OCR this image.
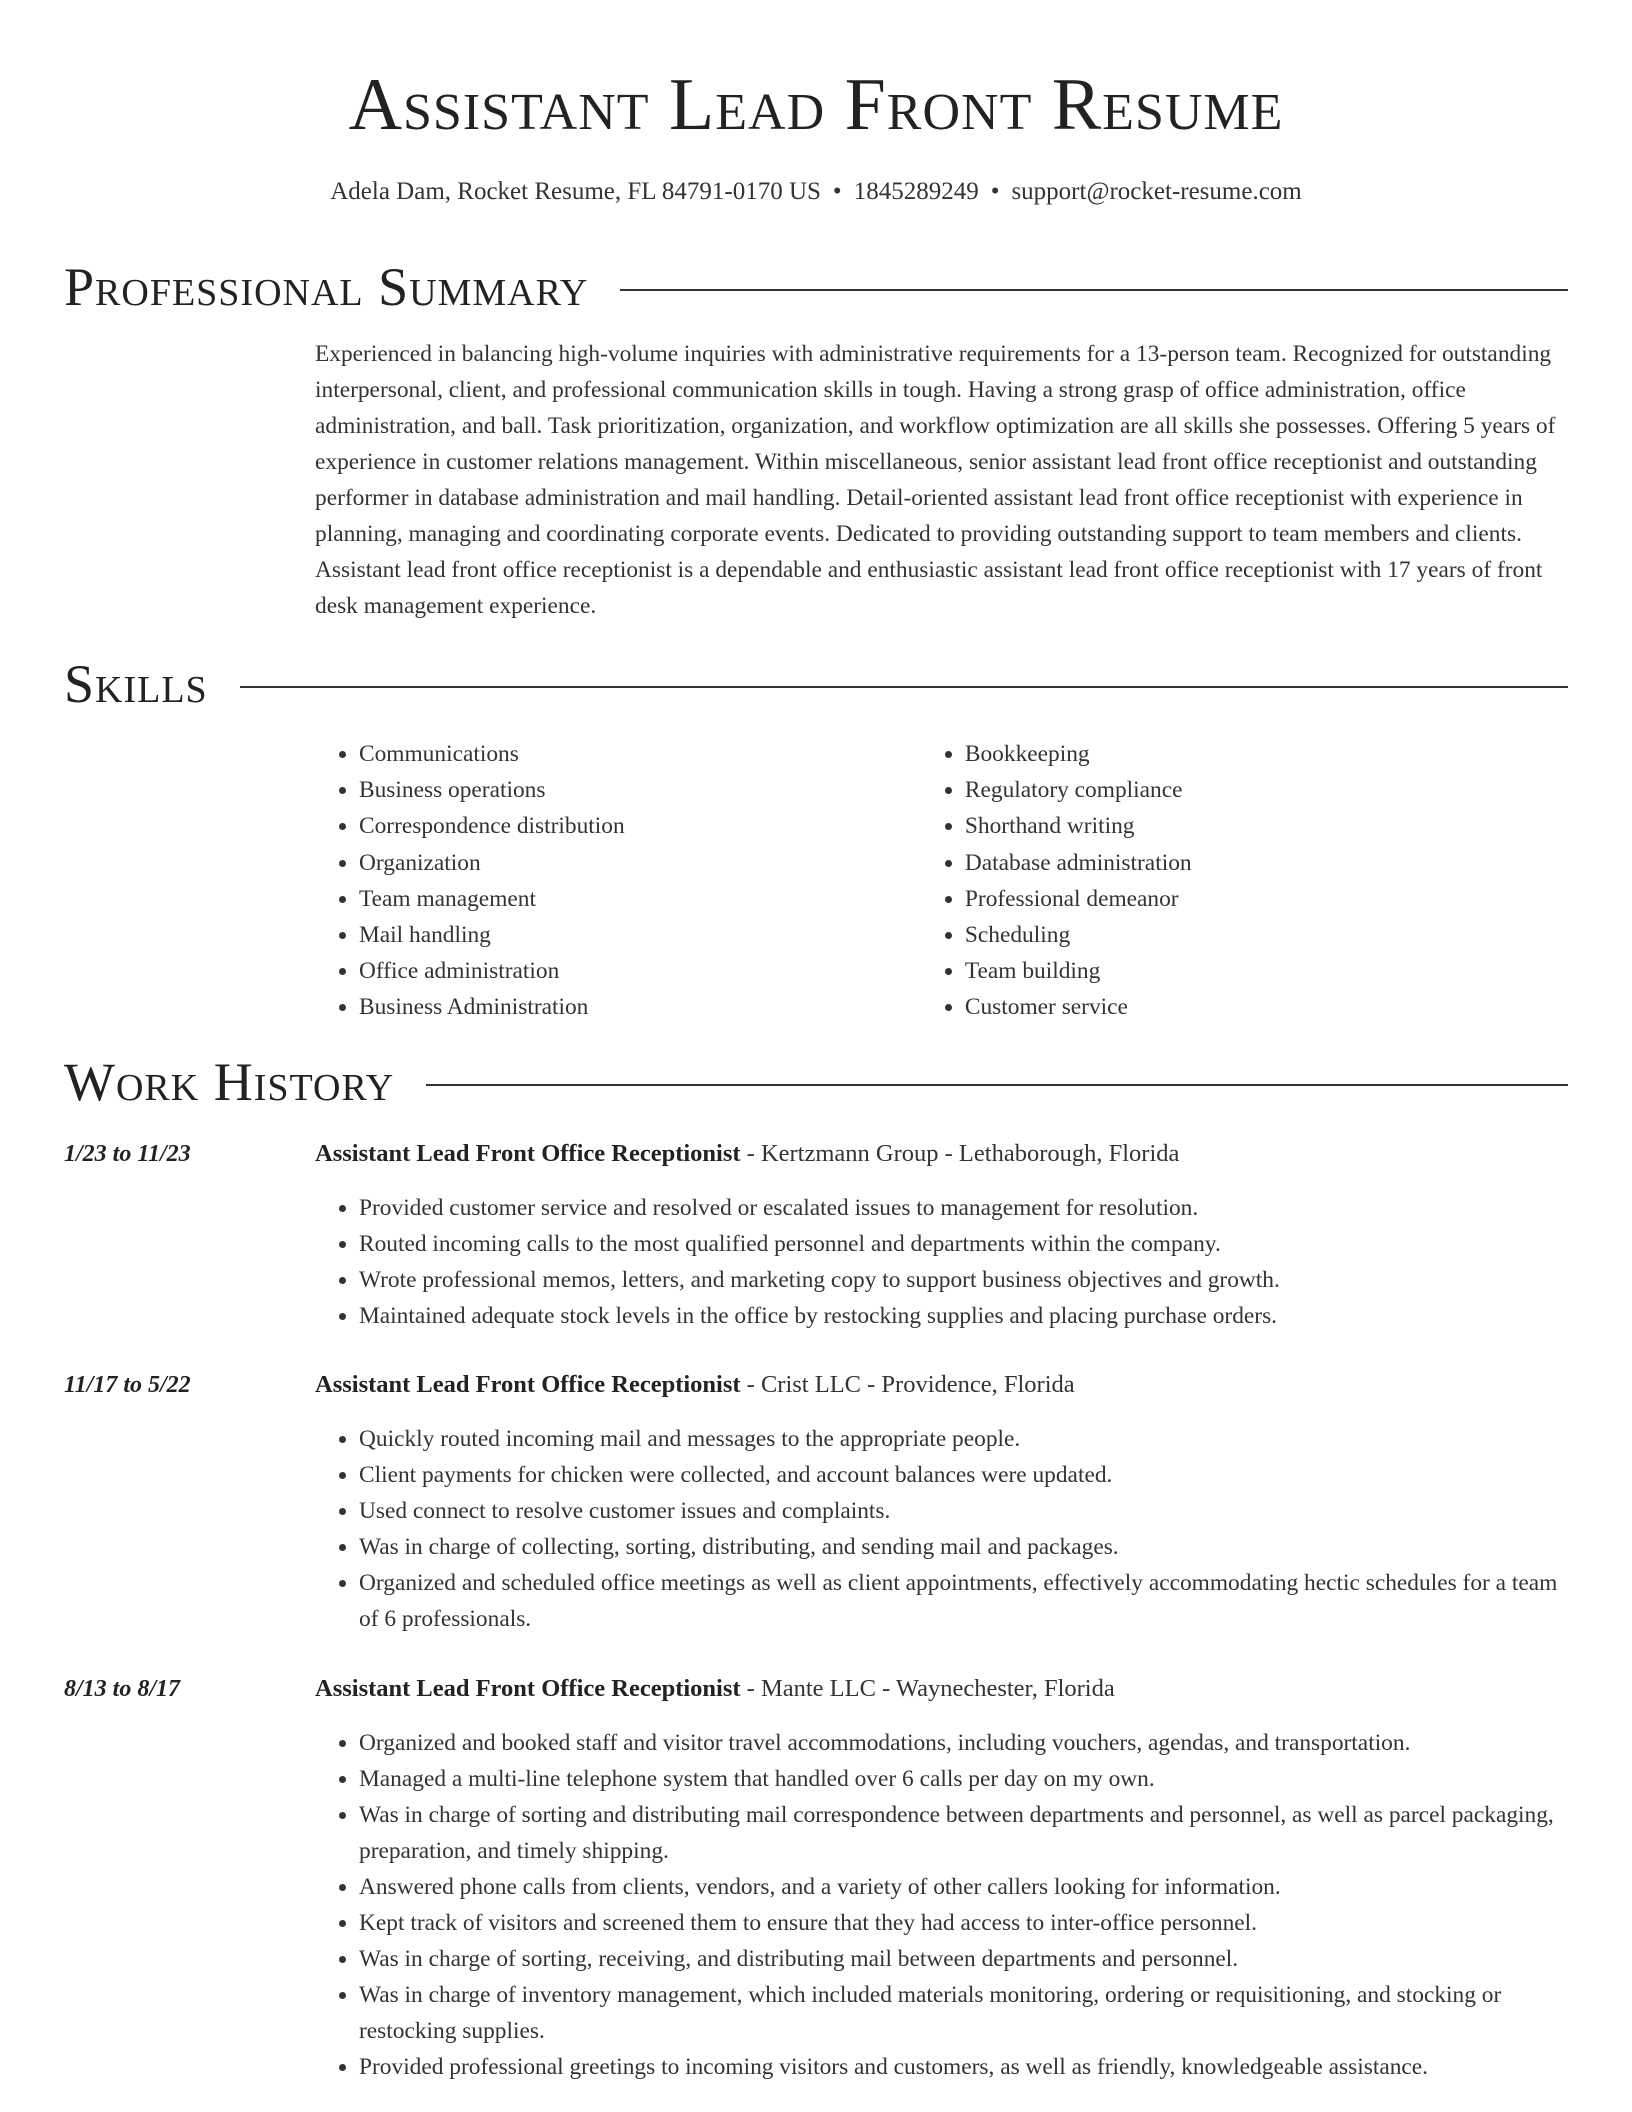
Assistant Lead Front Resume
Adela Dam, Rocket Resume, FL 84791-0170 US • 1845289249 • support@rocket-resume.com
Professional Summary

Experienced in balancing high-volume inquiries with administrative requirements for a 13-person team. Recognized for outstanding interpersonal, client, and professional communication skills in tough. Having a strong grasp of office administration, office administration, and ball. Task prioritization, organization, and workflow optimization are all skills she possesses. Offering 5 years of experience in customer relations management. Within miscellaneous, senior assistant lead front office receptionist and outstanding performer in database administration and mail handling. Detail-oriented assistant lead front office receptionist with experience in planning, managing and coordinating corporate events. Dedicated to providing outstanding support to team members and clients. Assistant lead front office receptionist is a dependable and enthusiastic assistant lead front office receptionist with 17 years of front desk management experience.

Skills
• Communications
• Business operations
• Correspondence distribution
• Organization
• Team management
• Mail handling
• Office administration
• Business Administration
• Bookkeeping
• Regulatory compliance
• Shorthand writing
• Database administration
• Professional demeanor
• Scheduling
• Team building
• Customer service
Work History
1/23 to 11/23	Assistant Lead Front Office Receptionist - Kertzmann Group - Lethaborough, Florida
• Provided customer service and resolved or escalated issues to management for resolution.
• Routed incoming calls to the most qualified personnel and departments within the company.
• Wrote professional memos, letters, and marketing copy to support business objectives and growth.
• Maintained adequate stock levels in the office by restocking supplies and placing purchase orders.
11/17 to 5/22	Assistant Lead Front Office Receptionist - Crist LLC - Providence, Florida
• Quickly routed incoming mail and messages to the appropriate people.
• Client payments for chicken were collected, and account balances were updated.
• Used connect to resolve customer issues and complaints.
• Was in charge of collecting, sorting, distributing, and sending mail and packages.
• Organized and scheduled office meetings as well as client appointments, effectively accommodating hectic schedules for a team of 6 professionals.
8/13 to 8/17	Assistant Lead Front Office Receptionist - Mante LLC - Waynechester, Florida
• Organized and booked staff and visitor travel accommodations, including vouchers, agendas, and transportation.
• Managed a multi-line telephone system that handled over 6 calls per day on my own.
• Was in charge of sorting and distributing mail correspondence between departments and personnel, as well as parcel packaging, preparation, and timely shipping.
• Answered phone calls from clients, vendors, and a variety of other callers looking for information.
• Kept track of visitors and screened them to ensure that they had access to inter-office personnel.
• Was in charge of sorting, receiving, and distributing mail between departments and personnel.
• Was in charge of inventory management, which included materials monitoring, ordering or requisitioning, and stocking or restocking supplies.
• Provided professional greetings to incoming visitors and customers, as well as friendly, knowledgeable assistance.
